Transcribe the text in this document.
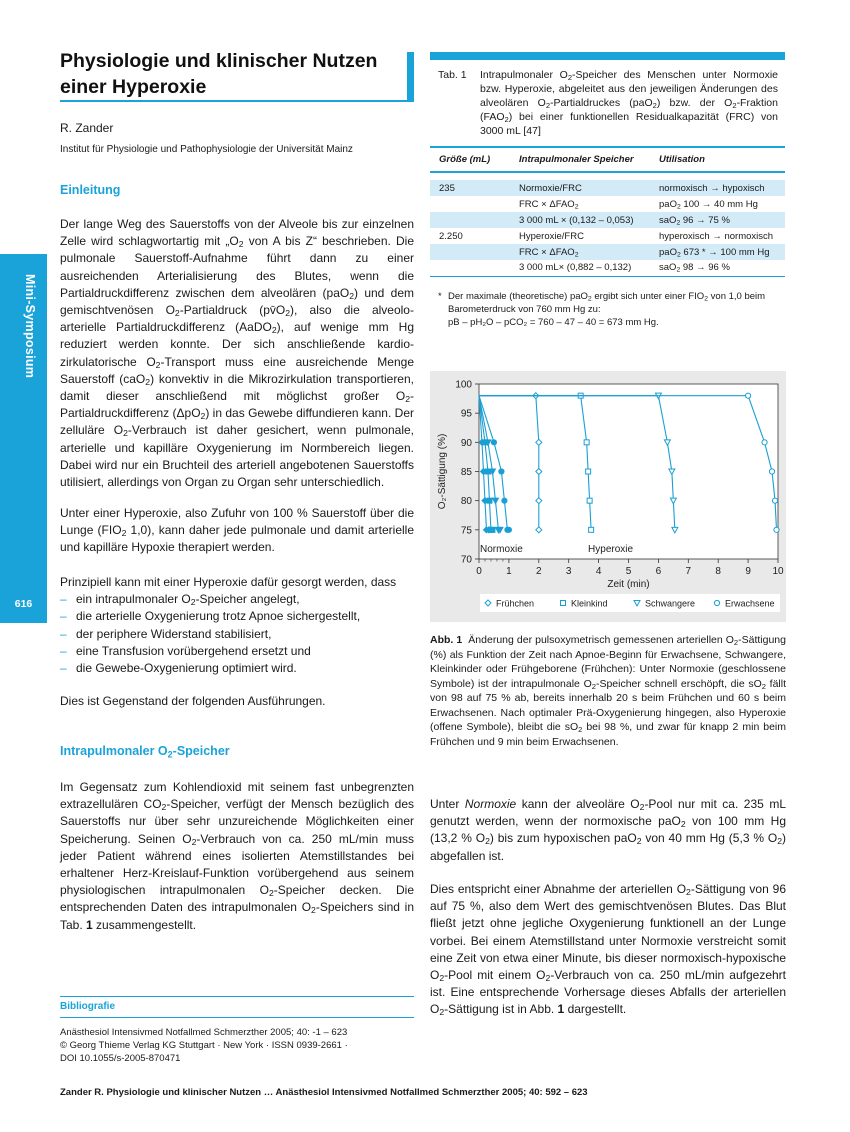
Physiologie und klinischer Nutzen
einer Hyperoxie
R. Zander
Institut für Physiologie und Pathophysiologie der Universität Mainz
Mini-Symposium
616
Einleitung

Der lange Weg des Sauerstoffs von der Alveole bis zur einzelnen Zelle wird schlagwortartig mit $„O_2$ von A bis Z“ beschrieben. Die pulmonale Sauerstoff-Aufnahme führt dann zu einer ausreichenden Arterialisierung des Blutes, wenn die Partialdruckdifferenz zwischen dem alveolären (paO$_2$) und dem gemischtvenösen $O_2$-Partialdruck $(pv̄O_2)$, also die alveolo-arterielle Partialdruckdifferenz (AaDO$_2$), auf wenige mm Hg reduziert werden konnte. Der sich anschließende kardio-zirkulatorische $O_2$-Transport muss eine ausreichende Menge Sauerstoff (caO$_2$) konvektiv in die Mikrozirkulation transportieren, damit dieser anschließend mit möglichst großer $O_2$-Partialdruckdifferenz (ΔpO$_2$) in das Gewebe diffundieren kann. Der zelluläre $O_2$-Verbrauch ist daher gesichert, wenn pulmonale, arterielle und kapilläre Oxygenierung im Normbereich liegen. Dabei wird nur ein Bruchteil des arteriell angebotenen Sauerstoffs utilisiert, allerdings von Organ zu Organ sehr unterschiedlich.

Unter einer Hyperoxie, also Zufuhr von 100 % Sauerstoff über die Lunge ($FIO_2$ 1,0), kann daher jede pulmonale und damit arterielle und kapilläre Hypoxie therapiert werden.

Prinzipiell kann mit einer Hyperoxie dafür gesorgt werden, dass

– ein intrapulmonaler $O_2$-Speicher angelegt,
– die arterielle Oxygenierung trotz Apnoe sichergestellt,
– der periphere Widerstand stabilisiert,
– eine Transfusion vorübergehend ersetzt und
– die Gewebe-Oxygenierung optimiert wird.
Dies ist Gegenstand der folgenden Ausführungen.
Intrapulmonaler $O_2$-Speicher

Im Gegensatz zum Kohlendioxid mit seinem fast unbegrenzten extrazellulären $CO_2$-Speicher, verfügt der Mensch bezüglich des Sauerstoffs nur über sehr unzureichende Möglichkeiten einer Speicherung. Seinen $O_2$-Verbrauch von ca. 250 mL/min muss jeder Patient während eines isolierten Atemstillstandes bei erhaltener Herz-Kreislauf-Funktion vorübergehend aus seinem physiologischen intrapulmonalen $O_2$-Speicher decken. Die entsprechenden Daten des intrapulmonalen $O_2$-Speichers sind in Tab. 1 zusammengestellt.

Bibliografie
Anästhesiol Intensivmed Notfallmed Schmerzther 2005; 40: -1 – 623
© Georg Thieme Verlag KG Stuttgart · New York · ISSN 0939-2661 ·
DOI 10.1055/s-2005-870471
Zander R. Physiologie und klinischer Nutzen … Anästhesiol Intensivmed Notfallmed Schmerzther 2005; 40: 592 – 623
Tab. 1 Intrapulmonaler $O_2$-Speicher des Menschen unter Normoxie bzw. Hyperoxie, abgeleitet aus den jeweiligen Änderungen des alveolären $O_2$-Partialdruckes (paO$_2$) bzw. der $O_2$-Fraktion $(FAO_2)$ bei einer funktionellen Residualkapazität (FRC) von 3000 mL [47]
Größe (mL)	Intrapulmonaler Speicher	Utilisation

235	Normoxie/FRC	normoxisch → hypoxisch
	FRC × $\Delta FAO_2$	paO$_2$ 100 → 40 mm Hg
	3 000 mL × (0,132 – 0,053)	saO$_2$ 96 → 75 %
2.250	Hyperoxie/FRC	hyperoxisch → normoxisch
	FRC × $\Delta FAO_2$	paO$_2$ 673 * → 100 mm Hg
	3 000 mL× (0,882 – 0,132)	saO$_2$ 98 → 96 %
* Der maximale (theoretische) paO$_2$ ergibt sich unter einer $FIO_2$ von 1,0 beim
Barometerdruck von 760 mm Hg zu:
pB – pH₂O – pCO₂ = 760 – 47 – 40 = 673 mm Hg.
70
75
80
85
90
95
100
0 1 2 3 4 5 6 7 8 9 10
Zeit (min)
O₂-Sättigung (%)
Normoxie	Hyperoxie
Frühchen	Kleinkind	Schwangere	Erwachsene
Abb. 1  Änderung der pulsoxymetrisch gemessenen arteriellen $O_2$-Sättigung (%) als Funktion der Zeit nach Apnoe-Beginn für Erwachsene, Schwangere, Kleinkinder oder Frühgeborene (Frühchen): Unter Normoxie (geschlossene Symbole) ist der intrapulmonale $O_2$-Speicher schnell erschöpft, die $sO_2$ fällt von 98 auf 75 % ab, bereits innerhalb 20 s beim Frühchen und 60 s beim Erwachsenen. Nach optimaler Prä-Oxygenierung hingegen, also Hyperoxie (offene Symbole), bleibt die $sO_2$ bei 98 %, und zwar für knapp 2 min beim Frühchen und 9 min beim Erwachsenen.

Unter Normoxie kann der alveoläre $O_2$-Pool nur mit ca. 235 mL genutzt werden, wenn der normoxische paO$_2$ von 100 mm Hg (13,2 % $O_2$) bis zum hypoxischen paO$_2$ von 40 mm Hg (5,3 % $O_2$) abgefallen ist.

Dies entspricht einer Abnahme der arteriellen $O_2$-Sättigung von 96 auf 75 %, also dem Wert des gemischtvenösen Blutes. Das Blut fließt jetzt ohne jegliche Oxygenierung funktionell an der Lunge vorbei. Bei einem Atemstillstand unter Normoxie verstreicht somit eine Zeit von etwa einer Minute, bis dieser normoxisch-hypoxische $O_2$-Pool mit einem $O_2$-Verbrauch von ca. 250 mL/min aufgezehrt ist. Eine entsprechende Vorhersage dieses Abfalls der arteriellen $O_2$-Sättigung ist in Abb. 1 dargestellt.
